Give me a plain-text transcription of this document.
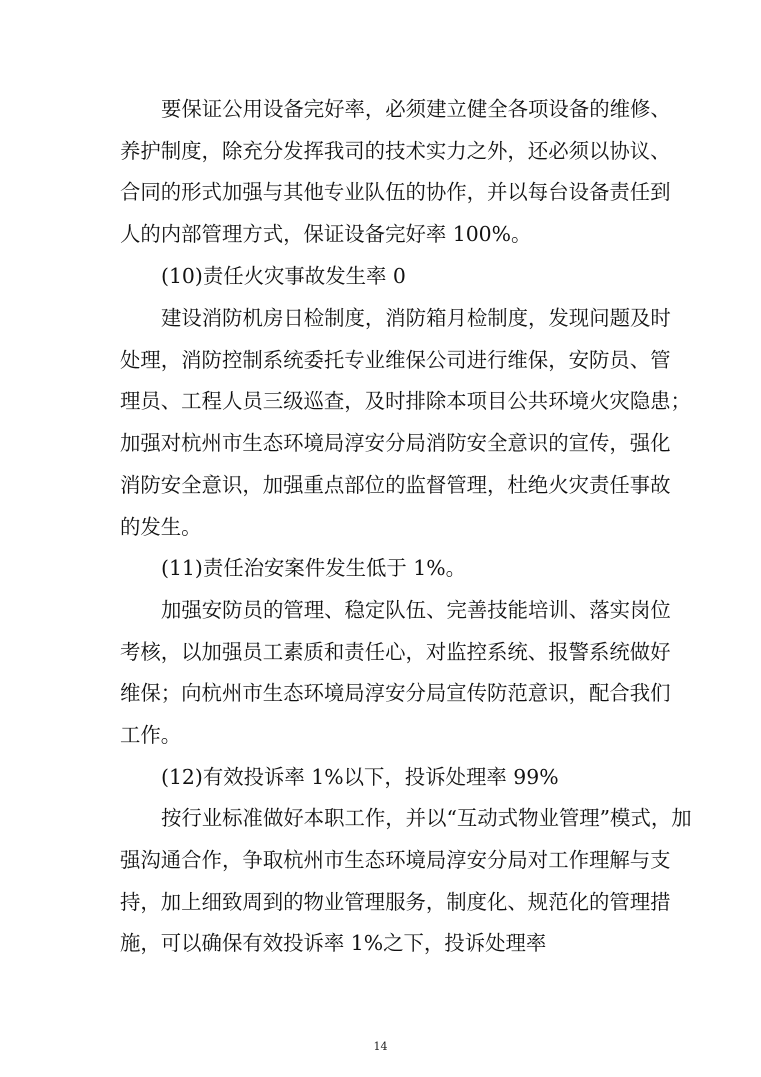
要保证公用设备完好率，必须建立健全各项设备的维修、
养护制度，除充分发挥我司的技术实力之外，还必须以协议、
合同的形式加强与其他专业队伍的协作，并以每台设备责任到
人的内部管理方式，保证设备完好率 100%。
(10)责任火灾事故发生率 0
建设消防机房日检制度，消防箱月检制度，发现问题及时
处理，消防控制系统委托专业维保公司进行维保，安防员、管
理员、工程人员三级巡查，及时排除本项目公共环境火灾隐患；
加强对杭州市生态环境局淳安分局消防安全意识的宣传，强化
消防安全意识，加强重点部位的监督管理，杜绝火灾责任事故
的发生。
(11)责任治安案件发生低于 1%。
加强安防员的管理、稳定队伍、完善技能培训、落实岗位
考核，以加强员工素质和责任心，对监控系统、报警系统做好
维保；向杭州市生态环境局淳安分局宣传防范意识，配合我们
工作。
(12)有效投诉率 1%以下，投诉处理率 99%
按行业标准做好本职工作，并以“互动式物业管理”模式，加
强沟通合作，争取杭州市生态环境局淳安分局对工作理解与支
持，加上细致周到的物业管理服务，制度化、规范化的管理措
施，可以确保有效投诉率 1%之下，投诉处理率
14
